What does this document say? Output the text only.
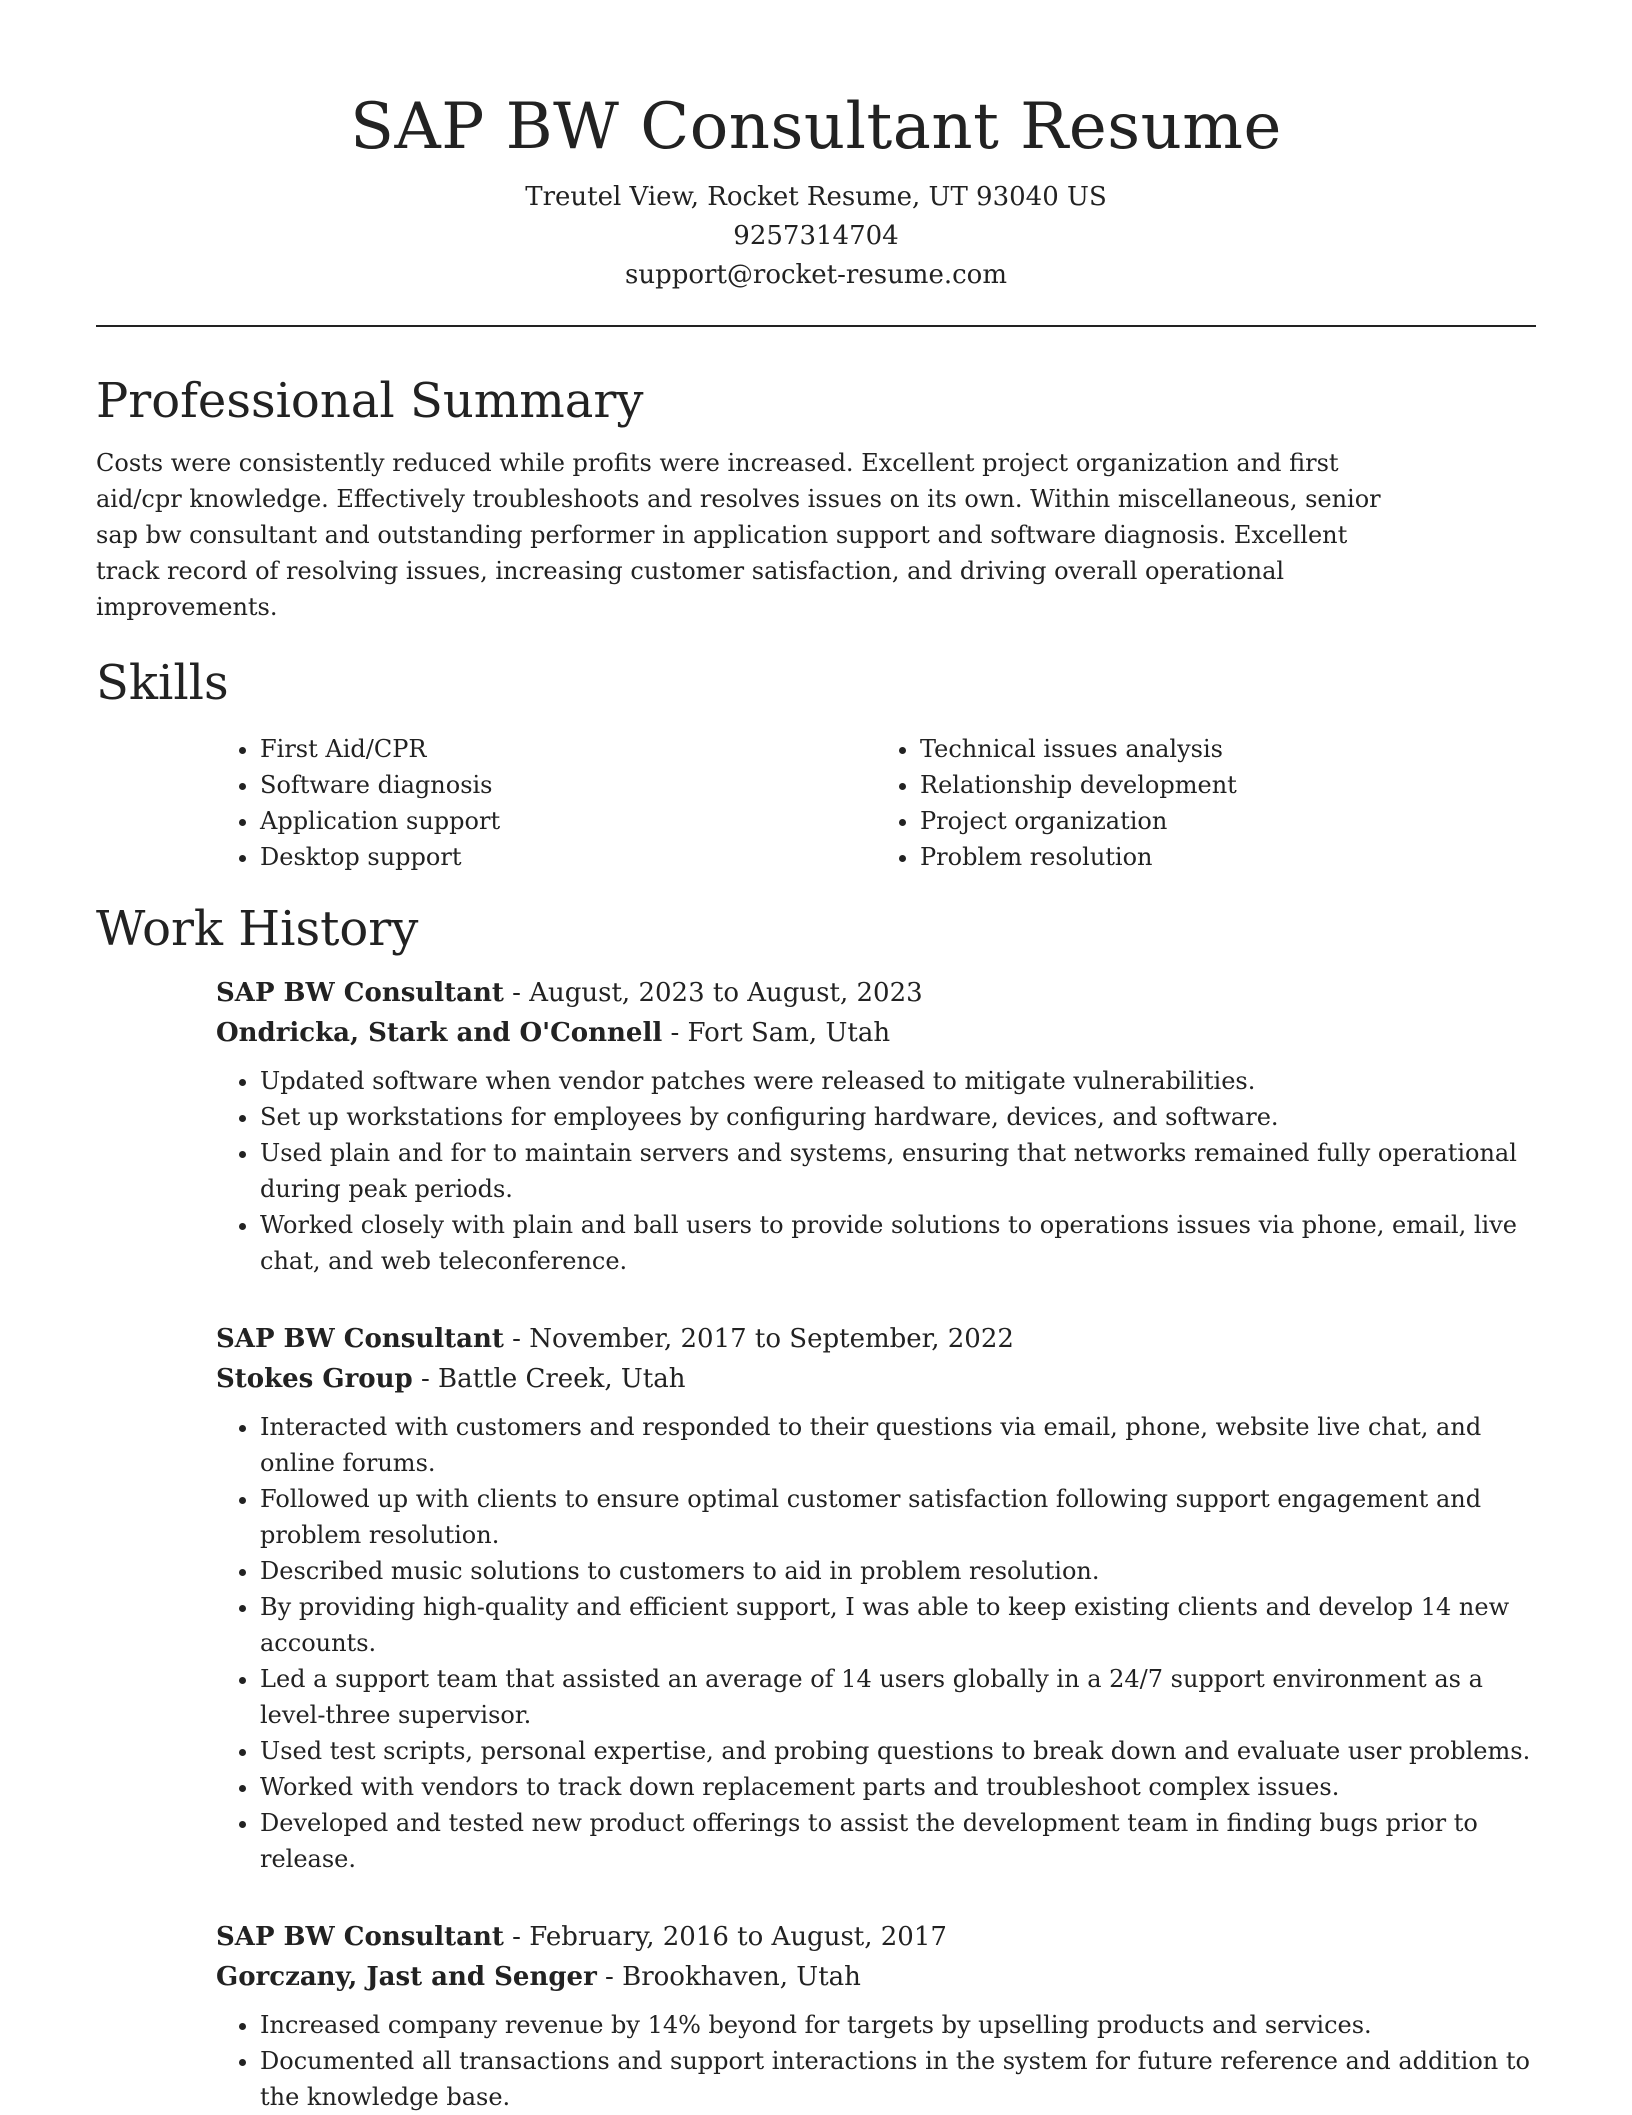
SAP BW Consultant Resume

Treutel View, Rocket Resume, UT 93040 US

9257314704

support@rocket-resume.com

Professional Summary

Costs were consistently reduced while profits were increased. Excellent project organization and first aid/cpr knowledge. Effectively troubleshoots and resolves issues on its own. Within miscellaneous, senior sap bw consultant and outstanding performer in application support and software diagnosis. Excellent track record of resolving issues, increasing customer satisfaction, and driving overall operational improvements.

Skills
• First Aid/CPR
• Software diagnosis
• Application support
• Desktop support
• Technical issues analysis
• Relationship development
• Project organization
• Problem resolution
Work History

SAP BW Consultant - August, 2023 to August, 2023

Ondricka, Stark and O'Connell - Fort Sam, Utah

• Updated software when vendor patches were released to mitigate vulnerabilities.
• Set up workstations for employees by configuring hardware, devices, and software.
• Used plain and for to maintain servers and systems, ensuring that networks remained fully operational during peak periods.
• Worked closely with plain and ball users to provide solutions to operations issues via phone, email, live chat, and web teleconference.

SAP BW Consultant - November, 2017 to September, 2022

Stokes Group - Battle Creek, Utah

• Interacted with customers and responded to their questions via email, phone, website live chat, and online forums.
• Followed up with clients to ensure optimal customer satisfaction following support engagement and problem resolution.
• Described music solutions to customers to aid in problem resolution.
• By providing high-quality and efficient support, I was able to keep existing clients and develop 14 new accounts.
• Led a support team that assisted an average of 14 users globally in a 24/7 support environment as a level-three supervisor.
• Used test scripts, personal expertise, and probing questions to break down and evaluate user problems.
• Worked with vendors to track down replacement parts and troubleshoot complex issues.
• Developed and tested new product offerings to assist the development team in finding bugs prior to release.

SAP BW Consultant - February, 2016 to August, 2017

Gorczany, Jast and Senger - Brookhaven, Utah

• Increased company revenue by 14% beyond for targets by upselling products and services.
• Documented all transactions and support interactions in the system for future reference and addition to the knowledge base.
